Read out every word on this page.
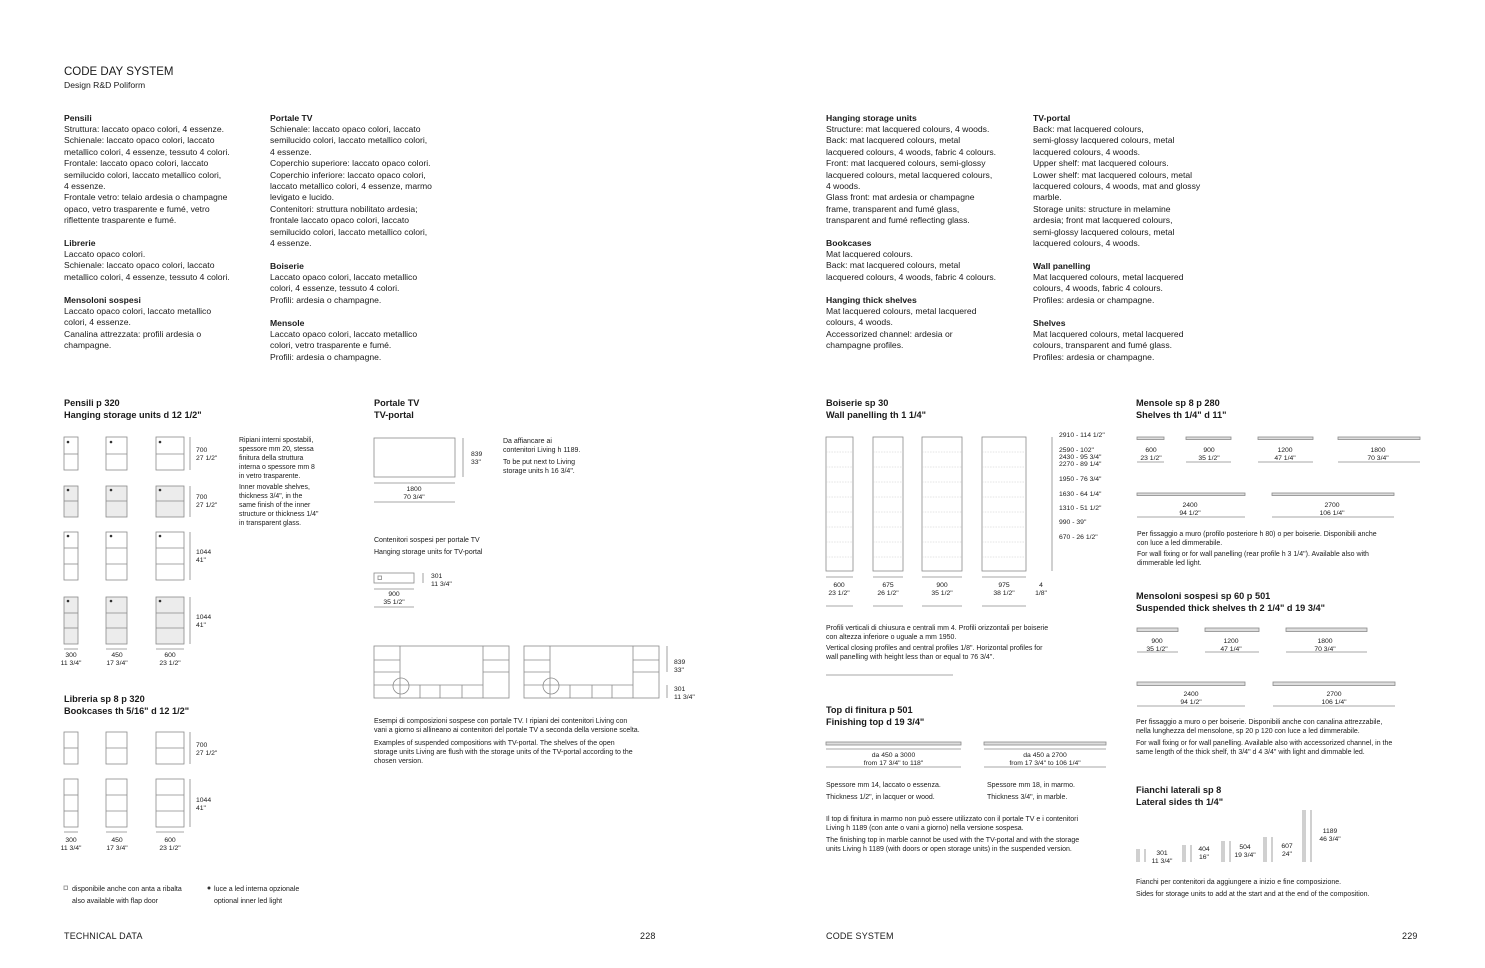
CODE DAY SYSTEM
Design R&D Poliform
Pensili
Struttura: laccato opaco colori, 4 essenze.
Schienale: laccato opaco colori, laccato
metallico colori, 4 essenze, tessuto 4 colori.
Frontale: laccato opaco colori, laccato
semilucido colori, laccato metallico colori,
4 essenze.
Frontale vetro: telaio ardesia o champagne
opaco, vetro trasparente e fumé, vetro
riflettente trasparente e fumé.
Librerie
Laccato opaco colori.
Schienale: laccato opaco colori, laccato
metallico colori, 4 essenze, tessuto 4 colori.
Mensoloni sospesi
Laccato opaco colori, laccato metallico
colori, 4 essenze.
Canalina attrezzata: profili ardesia o
champagne.
Portale TV
Schienale: laccato opaco colori, laccato
semilucido colori, laccato metallico colori,
4 essenze.
Coperchio superiore: laccato opaco colori.
Coperchio inferiore: laccato opaco colori,
laccato metallico colori, 4 essenze, marmo
levigato e lucido.
Contenitori: struttura nobilitato ardesia;
frontale laccato opaco colori, laccato
semilucido colori, laccato metallico colori,
4 essenze.
Boiserie
Laccato opaco colori, laccato metallico
colori, 4 essenze, tessuto 4 colori.
Profili: ardesia o champagne.
Mensole
Laccato opaco colori, laccato metallico
colori, vetro trasparente e fumé.
Profili: ardesia o champagne.
Pensili p 320
Hanging storage units d 12 1/2"
Libreria sp 8 p 320
Bookcases th 5/16" d 12 1/2"
Portale TV
TV-portal
700
27 1/2"
700
27 1/2"
1044
41"
1044
41"
300
11 3/4"
450
17 3/4"
600
23 1/2"
Ripiani interni spostabili,
spessore mm 20, stessa
finitura della struttura
interna o spessore mm 8
in vetro trasparente.
Inner movable shelves,
thickness 3/4", in the
same finish of the inner
structure or thickness 1/4"
in transparent glass.
700
27 1/2"
1044
41"
300
11 3/4"
450
17 3/4"
600
23 1/2"
disponibile anche con anta a ribalta
also available with flap door
luce a led interna opzionale
optional inner led light
839
33"
1800
70 3/4"
Da affiancare ai
contenitori Living h 1189.
To be put next to Living
storage units h 16 3/4".
Contenitori sospesi per portale TV
Hanging storage units for TV-portal
301
11 3/4"
900
35 1/2"
839
33"
301
11 3/4"
Esempi di composizioni sospese con portale TV. I ripiani dei contenitori Living con
vani a giorno si allineano ai contenitori del portale TV a seconda della versione scelta.
Examples of suspended compositions with TV-portal. The shelves of the open
storage units Living are flush with the storage units of the TV-portal according to the
chosen version.
TECHNICAL DATA	228
Hanging storage units
Structure: mat lacquered colours, 4 woods.
Back: mat lacquered colours, metal
lacquered colours, 4 woods, fabric 4 colours.
Front: mat lacquered colours, semi-glossy
lacquered colours, metal lacquered colours,
4 woods.
Glass front: mat ardesia or champagne
frame, transparent and fumé glass,
transparent and fumé reflecting glass.
Bookcases
Mat lacquered colours.
Back: mat lacquered colours, metal
lacquered colours, 4 woods, fabric 4 colours.
Hanging thick shelves
Mat lacquered colours, metal lacquered
colours, 4 woods.
Accessorized channel: ardesia or
champagne profiles.
TV-portal
Back: mat lacquered colours,
semi-glossy lacquered colours, metal
lacquered colours, 4 woods.
Upper shelf: mat lacquered colours.
Lower shelf: mat lacquered colours, metal
lacquered colours, 4 woods, mat and glossy
marble.
Storage units: structure in melamine
ardesia; front mat lacquered colours,
semi-glossy lacquered colours, metal
lacquered colours, 4 woods.
Wall panelling
Mat lacquered colours, metal lacquered
colours, 4 woods, fabric 4 colours.
Profiles: ardesia or champagne.
Shelves
Mat lacquered colours, metal lacquered
colours, transparent and fumé glass.
Profiles: ardesia or champagne.
Boiserie sp 30
Wall panelling th 1 1/4"
Top di finitura p 501
Finishing top d 19 3/4"
Mensole sp 8 p 280
Shelves th 1/4" d 11"
Mensoloni sospesi sp 60 p 501
Suspended thick shelves th 2 1/4" d 19 3/4"
Fianchi laterali sp 8
Lateral sides th 1/4"
2910 - 114 1/2"
2590 - 102"
2430 - 95 3/4"
2270 - 89 1/4"
1950 - 76 3/4"
1630 - 64 1/4"
1310 - 51 1/2"
990 - 39"
670 - 26 1/2"
600
23 1/2"
675
26 1/2"
900
35 1/2"
975
38 1/2"
4
1/8"
Profili verticali di chiusura e centrali mm 4. Profili orizzontali per boiserie
con altezza inferiore o uguale a mm 1950.
Vertical closing profiles and central profiles 1/8". Horizontal profiles for
wall panelling with height less than or equal to 76 3/4".
da 450 a 3000
from 17 3/4" to 118"
da 450 a 2700
from 17 3/4" to 106 1/4"
Spessore mm 14, laccato o essenza.
Thickness 1/2", in lacquer or wood.
Spessore mm 18, in marmo.
Thickness 3/4", in marble.
Il top di finitura in marmo non può essere utilizzato con il portale TV e i contenitori
Living h 1189 (con ante o vani a giorno) nella versione sospesa.
The finishing top in marble cannot be used with the TV-portal and with the storage
units Living h 1189 (with doors or open storage units) in the suspended version.
600
23 1/2"
900
35 1/2"
1200
47 1/4"
1800
70 3/4"
2400
94 1/2"
2700
106 1/4"
Per fissaggio a muro (profilo posteriore h 80) o per boiserie. Disponibili anche
con luce a led dimmerabile.
For wall fixing or for wall panelling (rear profile h 3 1/4"). Available also with
dimmerable led light.
900
35 1/2"
1200
47 1/4"
1800
70 3/4"
2400
94 1/2"
2700
106 1/4"
Per fissaggio a muro o per boiserie. Disponibili anche con canalina attrezzabile,
nella lunghezza del mensolone, sp 20 p 120 con luce a led dimmerabile.
For wall fixing or for wall panelling. Available also with accessorized channel, in the
same length of the thick shelf, th 3/4" d 4 3/4" with light and dimmable led.
301
11 3/4"
404
16"
504
19 3/4"
607
24"
1189
46 3/4"
Fianchi per contenitori da aggiungere a inizio e fine composizione.
Sides for storage units to add at the start and at the end of the composition.
CODE SYSTEM	229
